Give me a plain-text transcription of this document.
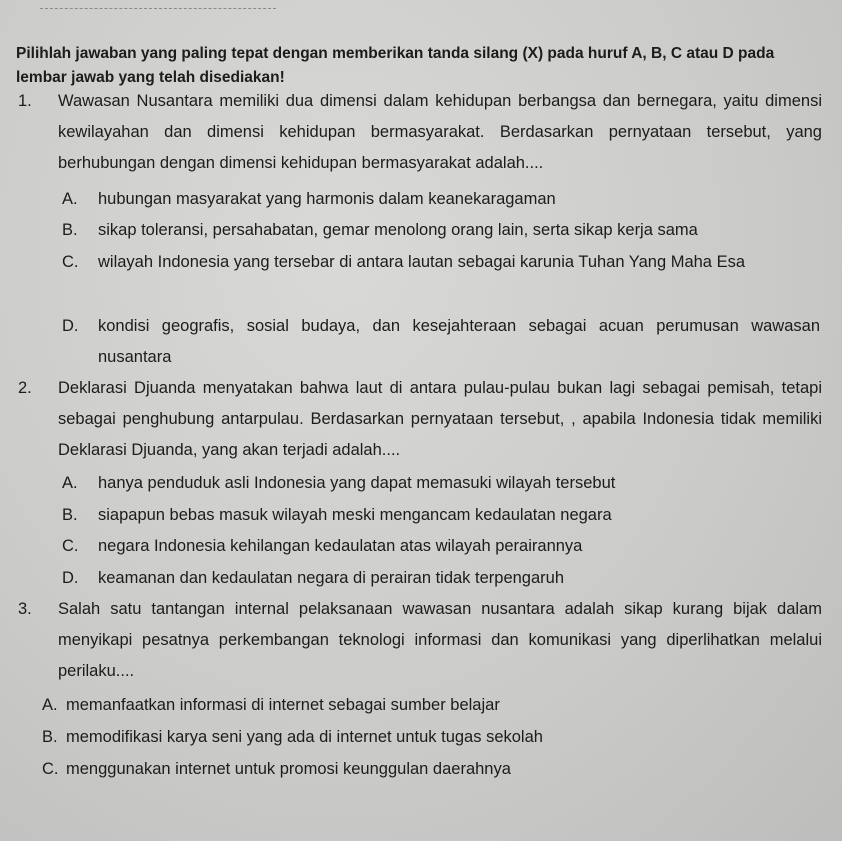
Pilihlah jawaban yang paling tepat dengan memberikan tanda silang (X) pada huruf A, B, C atau D pada lembar jawab yang telah disediakan!
1. Wawasan Nusantara memiliki dua dimensi dalam kehidupan berbangsa dan bernegara, yaitu dimensi kewilayahan dan dimensi kehidupan bermasyarakat. Berdasarkan pernyataan tersebut, yang berhubungan dengan dimensi kehidupan bermasyarakat adalah....
A. hubungan masyarakat yang harmonis dalam keanekaragaman
B. sikap toleransi, persahabatan, gemar menolong orang lain, serta sikap kerja sama
C. wilayah Indonesia yang tersebar di antara lautan sebagai karunia Tuhan Yang Maha Esa
D. kondisi geografis, sosial budaya, dan kesejahteraan sebagai acuan perumusan wawasan nusantara
2. Deklarasi Djuanda menyatakan bahwa laut di antara pulau-pulau bukan lagi sebagai pemisah, tetapi sebagai penghubung antarpulau. Berdasarkan pernyataan tersebut, , apabila Indonesia tidak memiliki Deklarasi Djuanda, yang akan terjadi adalah....
A. hanya penduduk asli Indonesia yang dapat memasuki wilayah tersebut
B. siapapun bebas masuk wilayah meski mengancam kedaulatan negara
C. negara Indonesia kehilangan kedaulatan atas wilayah perairannya
D. keamanan dan kedaulatan negara di perairan tidak terpengaruh
3. Salah satu tantangan internal pelaksanaan wawasan nusantara adalah sikap kurang bijak dalam menyikapi pesatnya perkembangan teknologi informasi dan komunikasi yang diperlihatkan melalui perilaku....
A. memanfaatkan informasi di internet sebagai sumber belajar
B. memodifikasi karya seni yang ada di internet untuk tugas sekolah
C. menggunakan internet untuk promosi keunggulan daerahnya
